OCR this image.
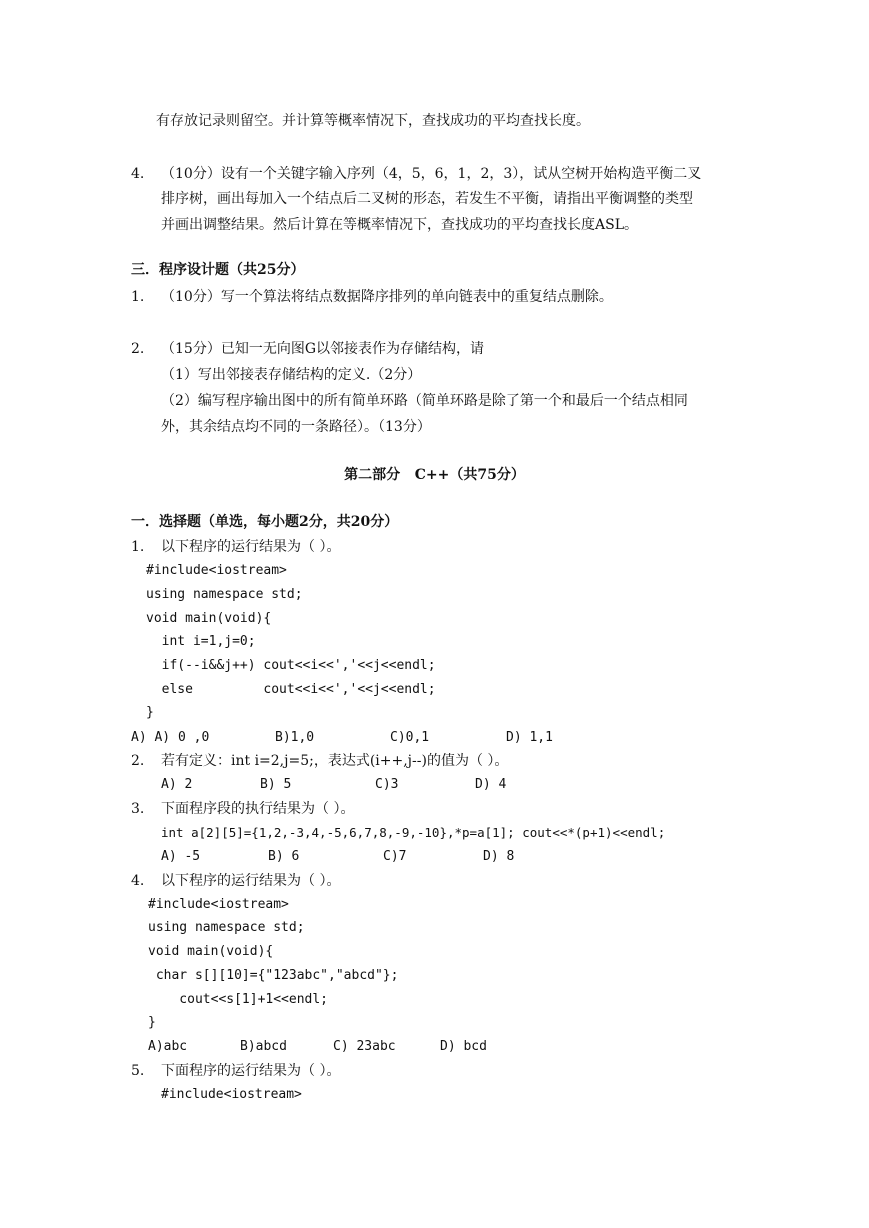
有存放记录则留空。并计算等概率情况下，查找成功的平均查找长度。
4. （10分）设有一个关键字输入序列（4，5，6，1，2，3），试从空树开始构造平衡二叉
排序树，画出每加入一个结点后二叉树的形态，若发生不平衡，请指出平衡调整的类型
并画出调整结果。然后计算在等概率情况下，查找成功的平均查找长度ASL。
三．程序设计题（共25分）
1. （10分）写一个算法将结点数据降序排列的单向链表中的重复结点删除。
2. （15分）已知一无向图G以邻接表作为存储结构，请
（1）写出邻接表存储结构的定义.（2分）
（2）编写程序输出图中的所有简单环路（简单环路是除了第一个和最后一个结点相同
外，其余结点均不同的一条路径）。（13分）
第二部分   C++（共75分）
一．选择题（单选，每小题2分，共20分）
1. 以下程序的运行结果为（ ）。
#include<iostream>
using namespace std;
void main(void){
int i=1,j=0;
if(--i&&j++) cout<<i<<','<<j<<endl;
else         cout<<i<<','<<j<<endl;
}
A) A) 0 ,0	B)1,0	C)0,1	D) 1,1
2. 若有定义：int i=2,j=5;，表达式(i++,j--)的值为（ ）。
A) 2	B) 5	C)3	D) 4
3. 下面程序段的执行结果为（ ）。
int a[2][5]={1,2,-3,4,-5,6,7,8,-9,-10},*p=a[1]; cout<<*(p+1)<<endl;
A) -5	B) 6	C)7	D) 8
4. 以下程序的运行结果为（ ）。
#include<iostream>
using namespace std;
void main(void){
char s[][10]={"123abc","abcd"};
cout<<s[1]+1<<endl;
}
A)abc	B)abcd	C) 23abc	D) bcd
5. 下面程序的运行结果为（ ）。
#include<iostream>
